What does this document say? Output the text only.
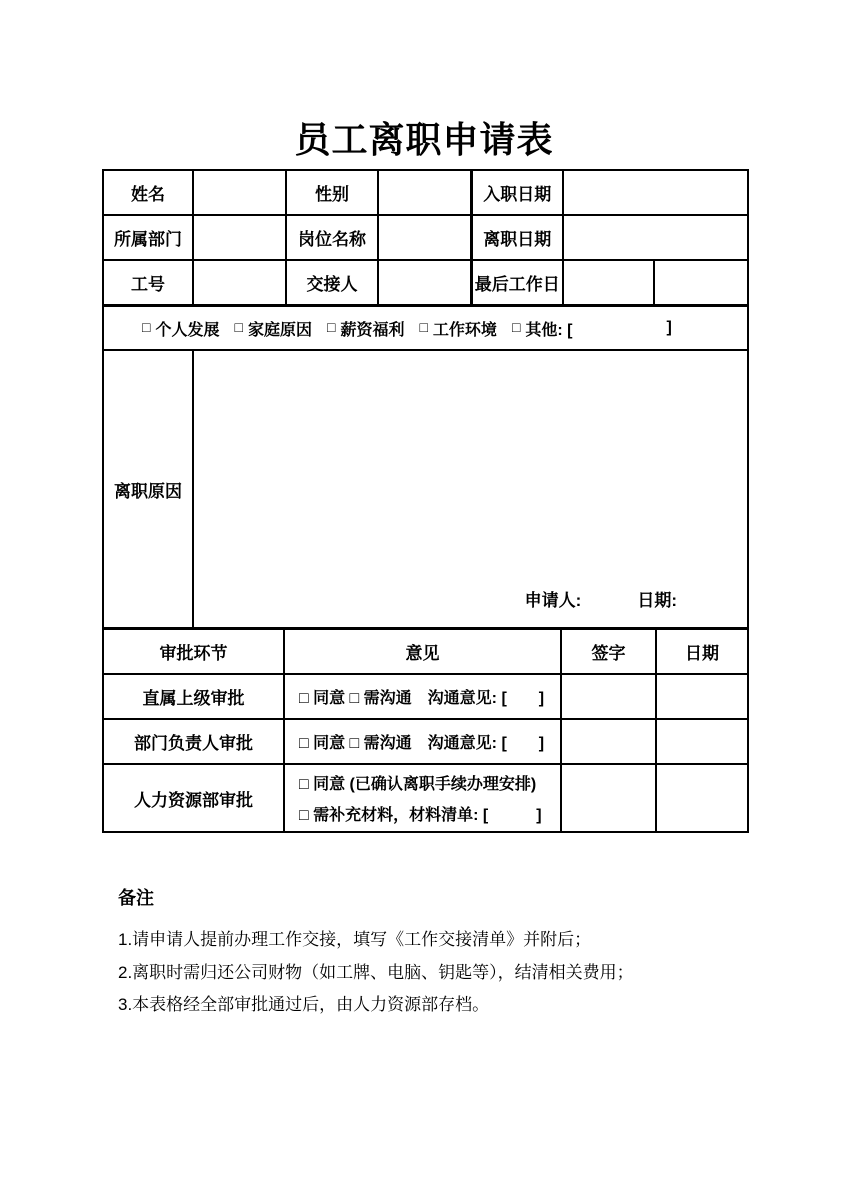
员工离职申请表
姓名		性别		入职日期		
所属部门		岗位名称		离职日期		
工号		交接人		最后工作日		
□ 个人发展 □ 家庭原因 □ 薪资福利 □ 工作环境 □ 其他: [	]

离职原因	
申请人:	日期:
审批环节	意见	签字	日期
直属上级审批	□ 同意 □ 需沟通　沟通意见: [　　]		
部门负责人审批	□ 同意 □ 需沟通　沟通意见: [　　]		
人力资源部审批	□ 同意 (已确认离职手续办理安排)
□ 需补充材料，材料清单: [　　　]		

备注
1.请申请人提前办理工作交接，填写《工作交接清单》并附后；
2.离职时需归还公司财物（如工牌、电脑、钥匙等），结清相关费用；
3.本表格经全部审批通过后，由人力资源部存档。
